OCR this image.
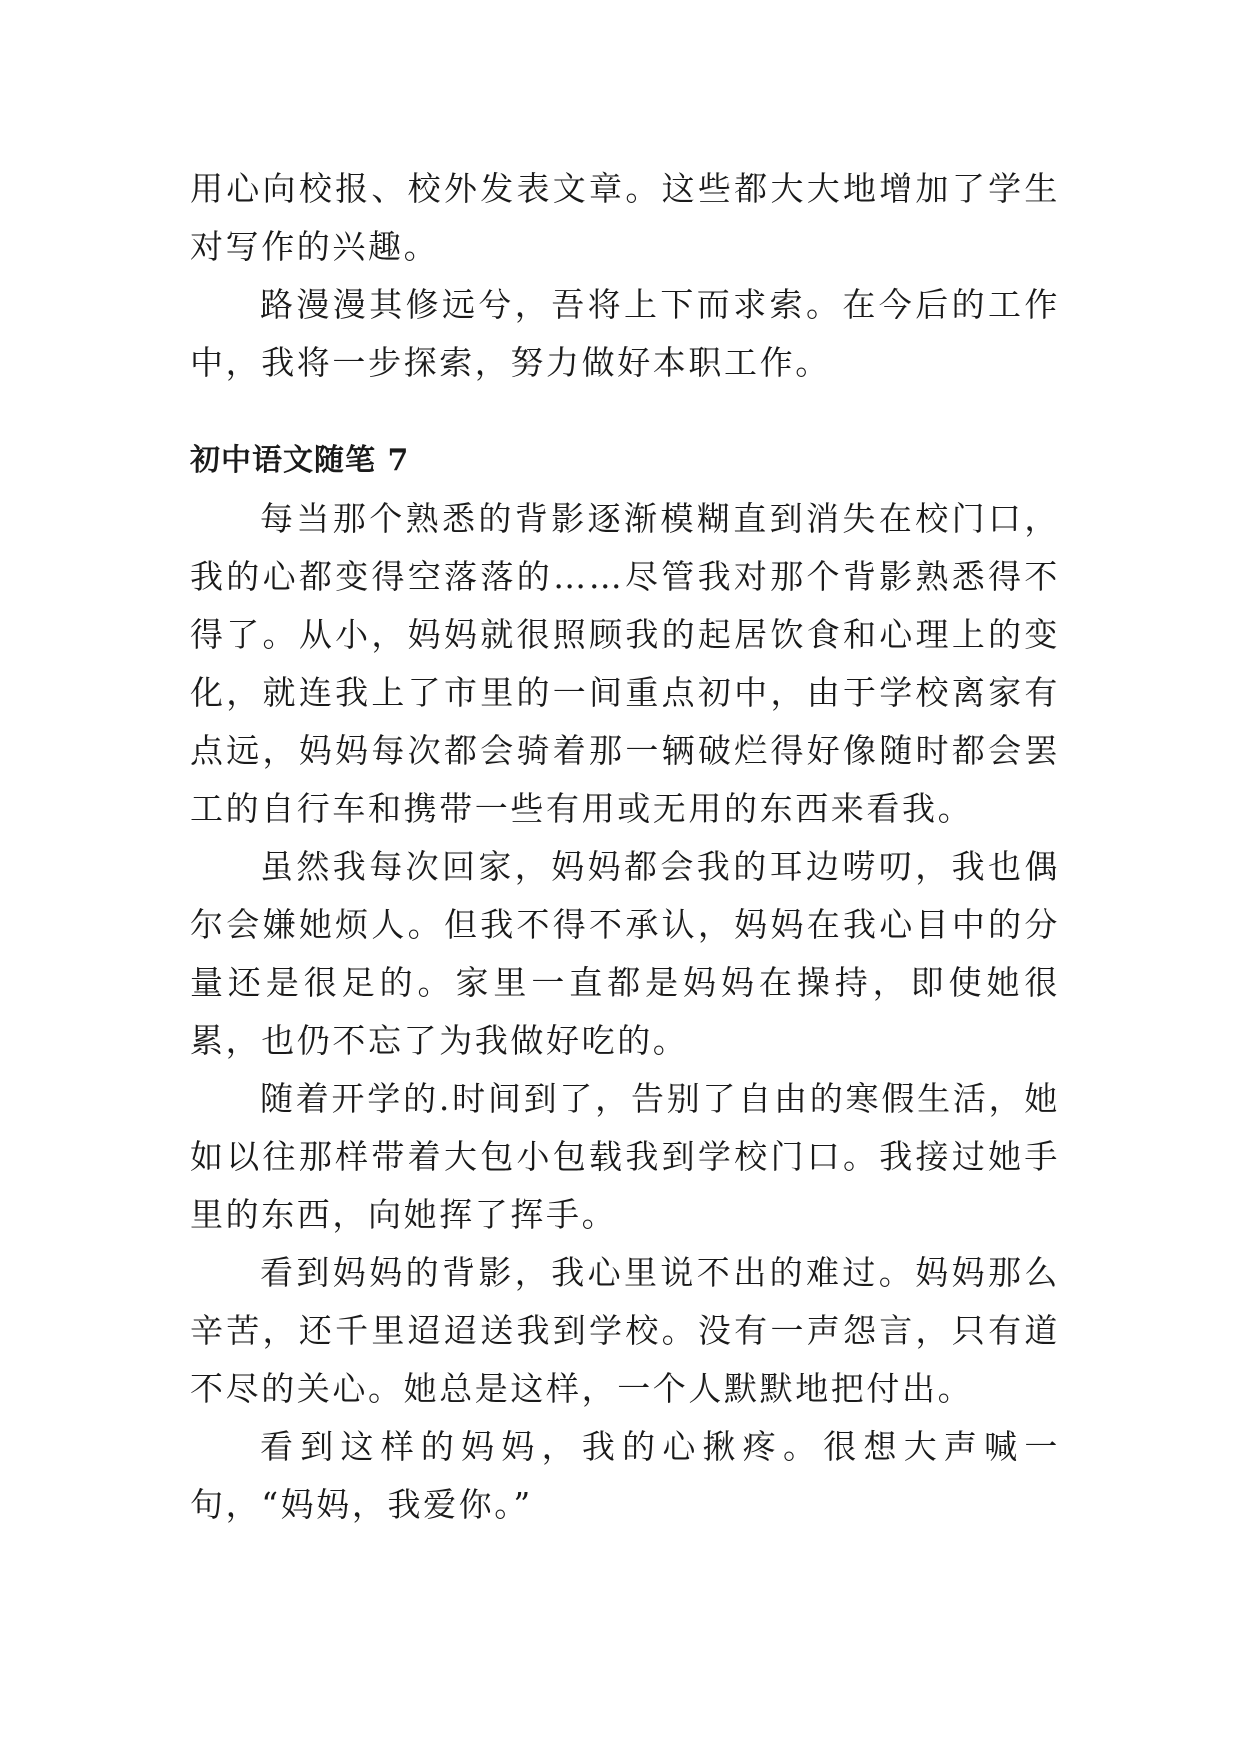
用心向校报、校外发表文章。这些都大大地增加了学生对写作的兴趣。

路漫漫其修远兮，吾将上下而求索。在今后的工作中，我将一步探索，努力做好本职工作。

初中语文随笔 7

每当那个熟悉的背影逐渐模糊直到消失在校门口，我的心都变得空落落的……尽管我对那个背影熟悉得不得了。从小，妈妈就很照顾我的起居饮食和心理上的变化，就连我上了市里的一间重点初中，由于学校离家有点远，妈妈每次都会骑着那一辆破烂得好像随时都会罢工的自行车和携带一些有用或无用的东西来看我。

虽然我每次回家，妈妈都会我的耳边唠叨，我也偶尔会嫌她烦人。但我不得不承认，妈妈在我心目中的分量还是很足的。家里一直都是妈妈在操持，即使她很累，也仍不忘了为我做好吃的。

随着开学的.时间到了，告别了自由的寒假生活，她如以往那样带着大包小包载我到学校门口。我接过她手里的东西，向她挥了挥手。

看到妈妈的背影，我心里说不出的难过。妈妈那么辛苦，还千里迢迢送我到学校。没有一声怨言，只有道不尽的关心。她总是这样，一个人默默地把付出。

看到这样的妈妈，我的心揪疼。很想大声喊一句，“妈妈，我爱你。”
